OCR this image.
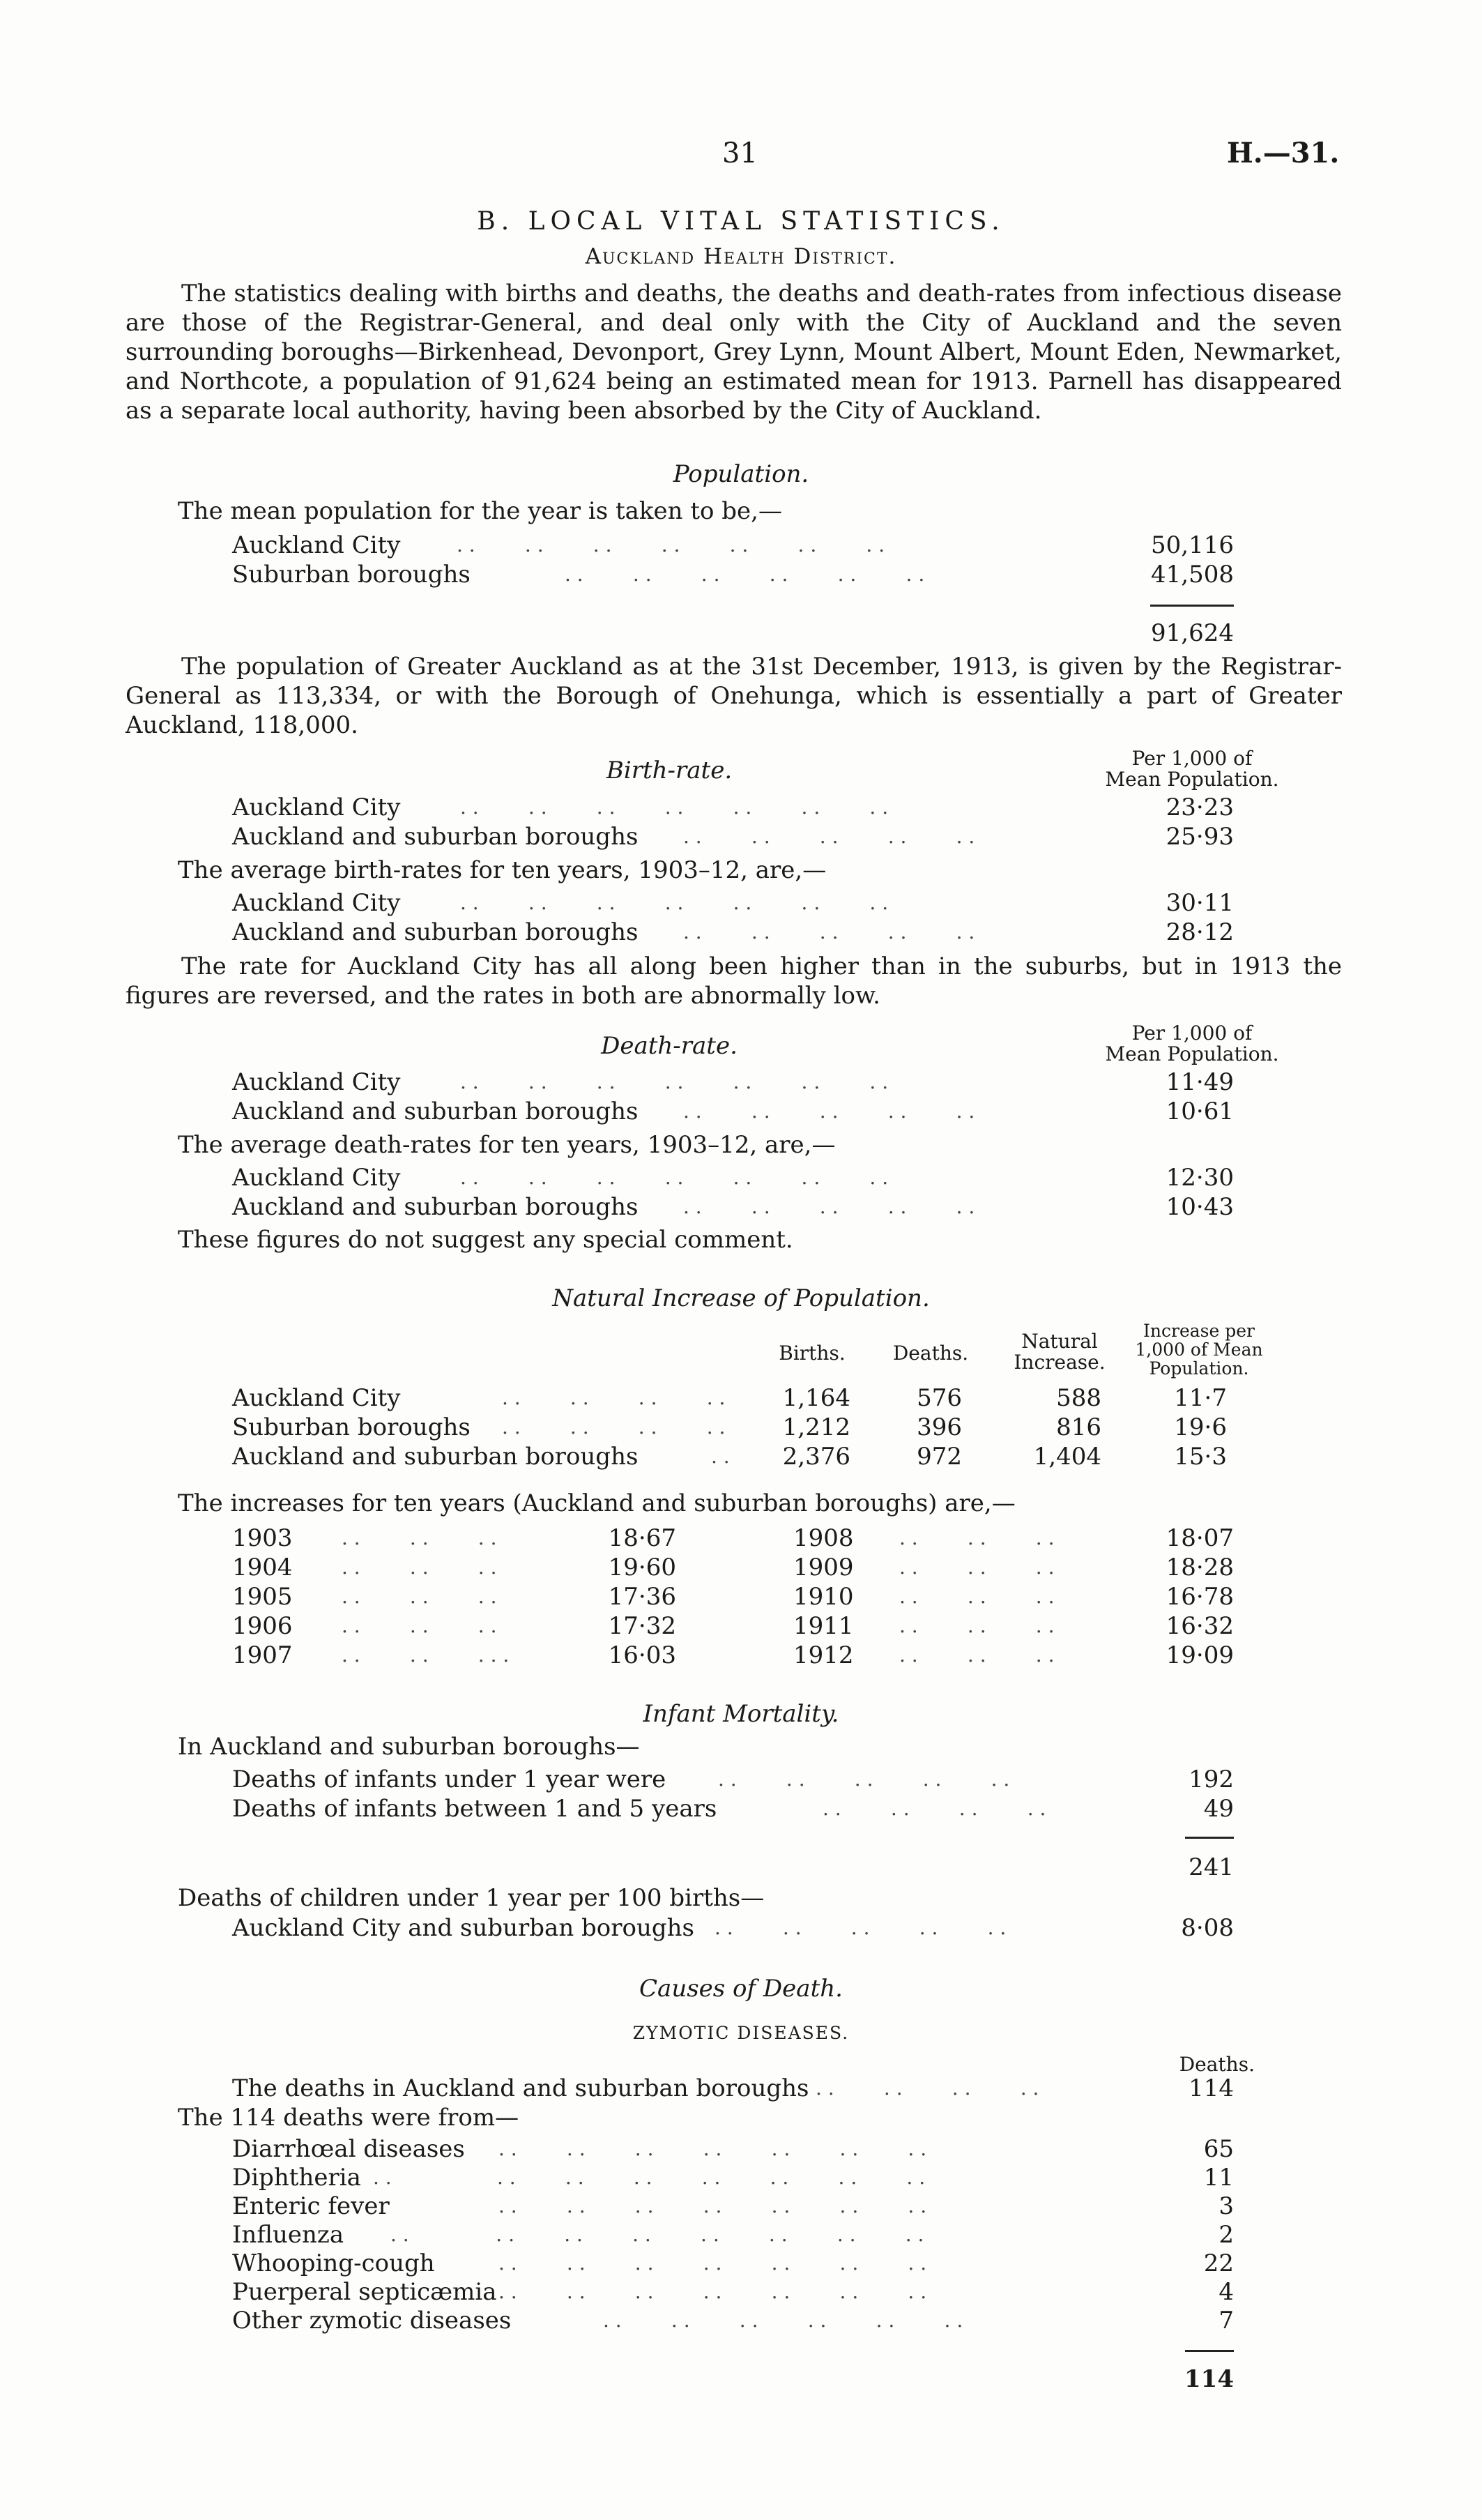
31	H.—31.
B. LOCAL VITAL STATISTICS.
Auckland Health District.
The statistics dealing with births and deaths, the deaths and death-rates from infectious disease are those of the Registrar-General, and deal only with the City of Auckland and the seven surrounding boroughs—Birkenhead, Devonport, Grey Lynn, Mount Albert, Mount Eden, Newmarket, and Northcote, a population of 91,624 being an estimated mean for 1913. Parnell has disappeared as a separate local authority, having been absorbed by the City of Auckland.
Population.
The mean population for the year is taken to be,—
Auckland City	. .        . .        . .        . .        . .        . .        . .	50,116
Suburban boroughs	. .        . .        . .        . .        . .        . .	41,508
91,624
The population of Greater Auckland as at the 31st December, 1913, is given by the Registrar-General as 113,334, or with the Borough of Onehunga, which is essentially a part of Greater Auckland, 118,000.
Birth-rate.	Per 1,000 of
Mean Population.
Auckland City	. .        . .        . .        . .        . .        . .        . .	23·23
Auckland and suburban boroughs . .        . .        . .        . .        . .	25·93
The average birth-rates for ten years, 1903–12, are,—
Auckland City	. .        . .        . .        . .        . .        . .        . .	30·11
Auckland and suburban boroughs . .        . .        . .        . .        . .	28·12
The rate for Auckland City has all along been higher than in the suburbs, but in 1913 the figures are reversed, and the rates in both are abnormally low.
Death-rate.	Per 1,000 of
Mean Population.
Auckland City	. .        . .        . .        . .        . .        . .        . .	11·49
Auckland and suburban boroughs . .        . .        . .        . .        . .	10·61
The average death-rates for ten years, 1903–12, are,—
Auckland City	. .        . .        . .        . .        . .        . .        . .	12·30
Auckland and suburban boroughs . .        . .        . .        . .        . .	10·43
These figures do not suggest any special comment.
Natural Increase of Population.
Births.	Deaths.
Natural
Increase.
Increase per
1,000 of Mean
Population.
Auckland City	. .        . .        . .        . .	1,164	576	588	11·7
Suburban boroughs . .        . .        . .        . .	1,212	396	816	19·6
Auckland and suburban boroughs	. .	2,376	972	1,404	15·3
The increases for ten years (Auckland and suburban boroughs) are,—
1903	. .        . .        . .	18·67	1908 . .        . .        . .	18·07
1904	. .        . .        . .	19·60	1909 . .        . .        . .	18·28
1905	. .        . .        . .	17·36	1910 . .        . .        . .	16·78
1906	. .        . .        . .	17·32	1911 . .        . .        . .	16·32
1907	. .        . .        . . .	16·03	1912 . .        . .        . .	19·09
Infant Mortality.
In Auckland and suburban boroughs—
Deaths of infants under 1 year were	. .        . .        . .        . .        . .	192
Deaths of infants between 1 and 5 years	. .        . .        . .        . .	49
241
Deaths of children under 1 year per 100 births—
Auckland City and suburban boroughs . .        . .        . .        . .        . .	8·08
Causes of Death.
ZYMOTIC DISEASES.
Deaths.
The deaths in Auckland and suburban boroughs . .        . .        . .        . .	114
The 114 deaths were from—
Diarrhœal diseases . .        . .        . .        . .        . .        . .        . .	65
Diphtheria . .                 . .        . .        . .        . .        . .        . .        . .	11
Enteric fever	. .        . .        . .        . .        . .        . .        . .	3
Influenza . .              . .        . .        . .        . .        . .        . .        . .	2
Whooping-cough	. .        . .        . .        . .        . .        . .        . .	22
Puerperal septicæmia . .        . .        . .        . .        . .        . .        . .	4
Other zymotic diseases	. .        . .        . .        . .        . .        . .	7
114
